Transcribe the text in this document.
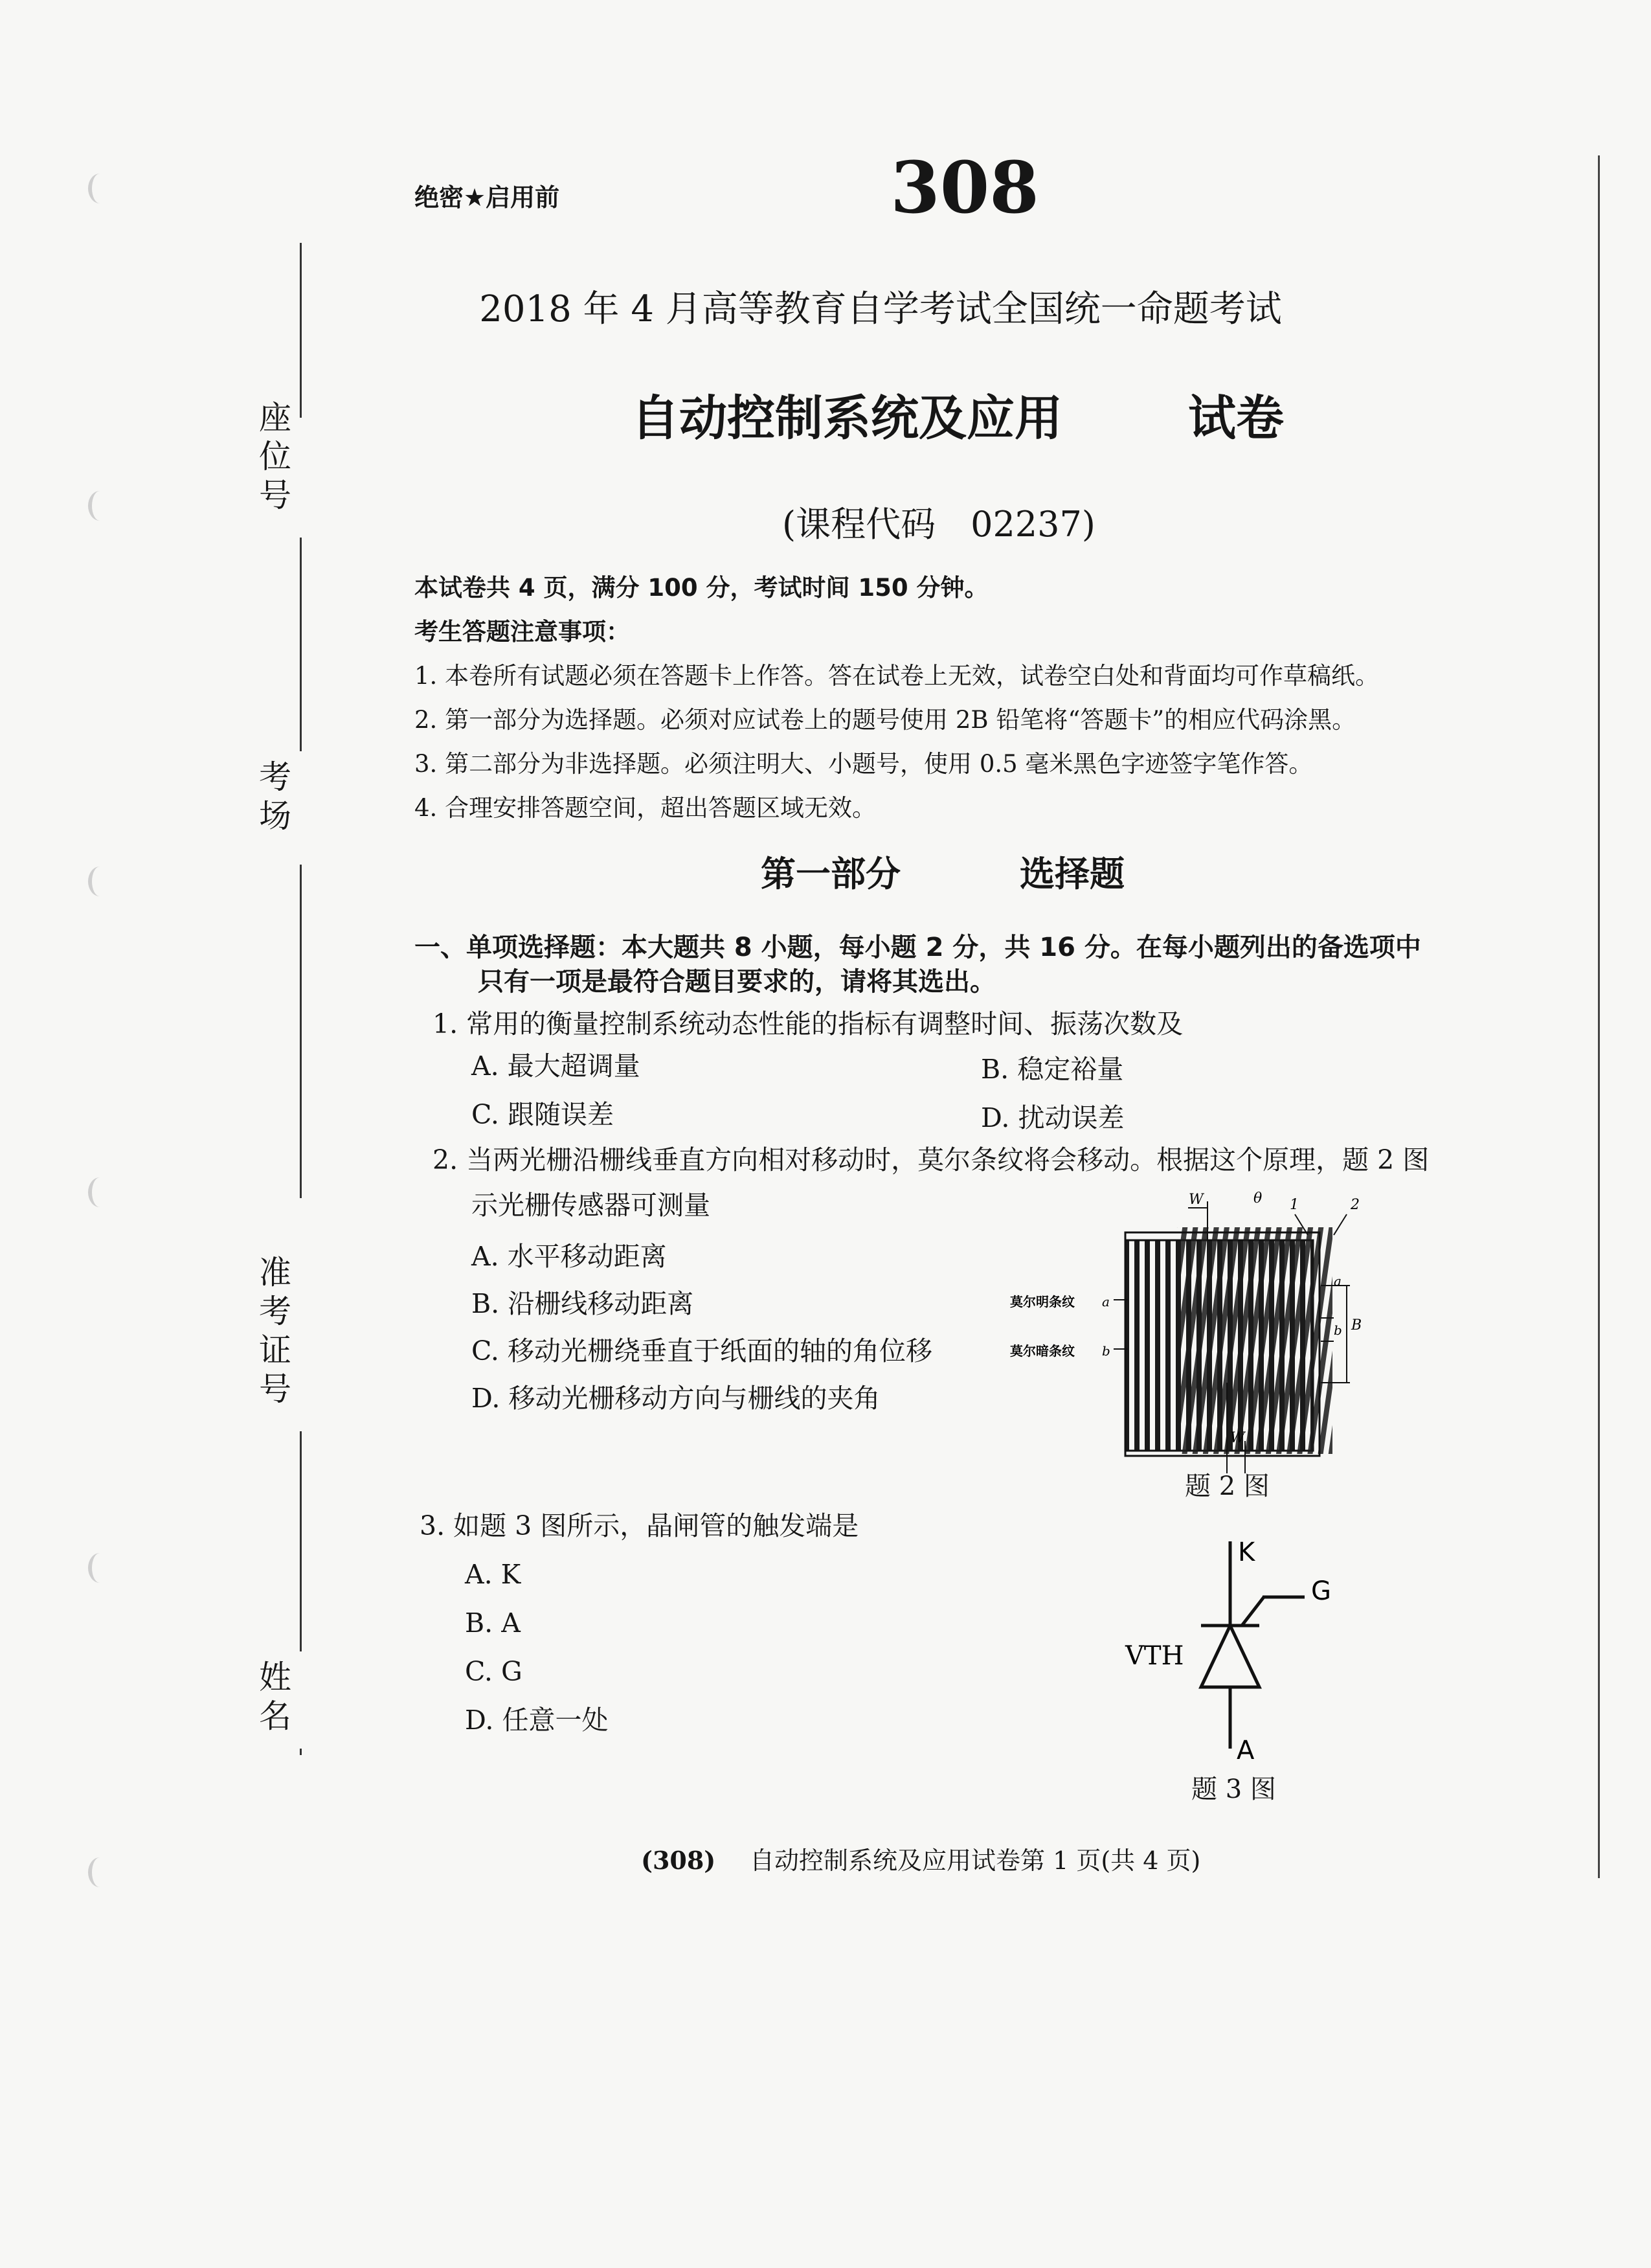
座位号
考场
准考证号
姓名
绝密★启用前	308
2018 年 4 月高等教育自学考试全国统一命题考试
自动控制系统及应用	试卷
(课程代码　02237)
本试卷共 4 页，满分 100 分，考试时间 150 分钟。
考生答题注意事项：
1. 本卷所有试题必须在答题卡上作答。答在试卷上无效，试卷空白处和背面均可作草稿纸。
2. 第一部分为选择题。必须对应试卷上的题号使用 2B 铅笔将“答题卡”的相应代码涂黑。
3. 第二部分为非选择题。必须注明大、小题号，使用 0.5 毫米黑色字迹签字笔作答。
4. 合理安排答题空间，超出答题区域无效。
第一部分	选择题
一、单项选择题：本大题共 8 小题，每小题 2 分，共 16 分。在每小题列出的备选项中
只有一项是最符合题目要求的，请将其选出。
1. 常用的衡量控制系统动态性能的指标有调整时间、振荡次数及
A. 最大超调量	B. 稳定裕量
C. 跟随误差	D. 扰动误差
2. 当两光栅沿栅线垂直方向相对移动时，莫尔条纹将会移动。根据这个原理，题 2 图
示光栅传感器可测量
A. 水平移动距离
B. 沿栅线移动距离
C. 移动光栅绕垂直于纸面的轴的角位移
D. 移动光栅移动方向与栅线的夹角
莫尔明条纹 a
莫尔暗条纹 b
W	θ 1	2
a
b B
W
题 2 图
3. 如题 3 图所示，晶闸管的触发端是
A. K
B. A
C. G
D. 任意一处
K
G
VTH
A
题 3 图
(308) 自动控制系统及应用试卷第 1 页(共 4 页)
